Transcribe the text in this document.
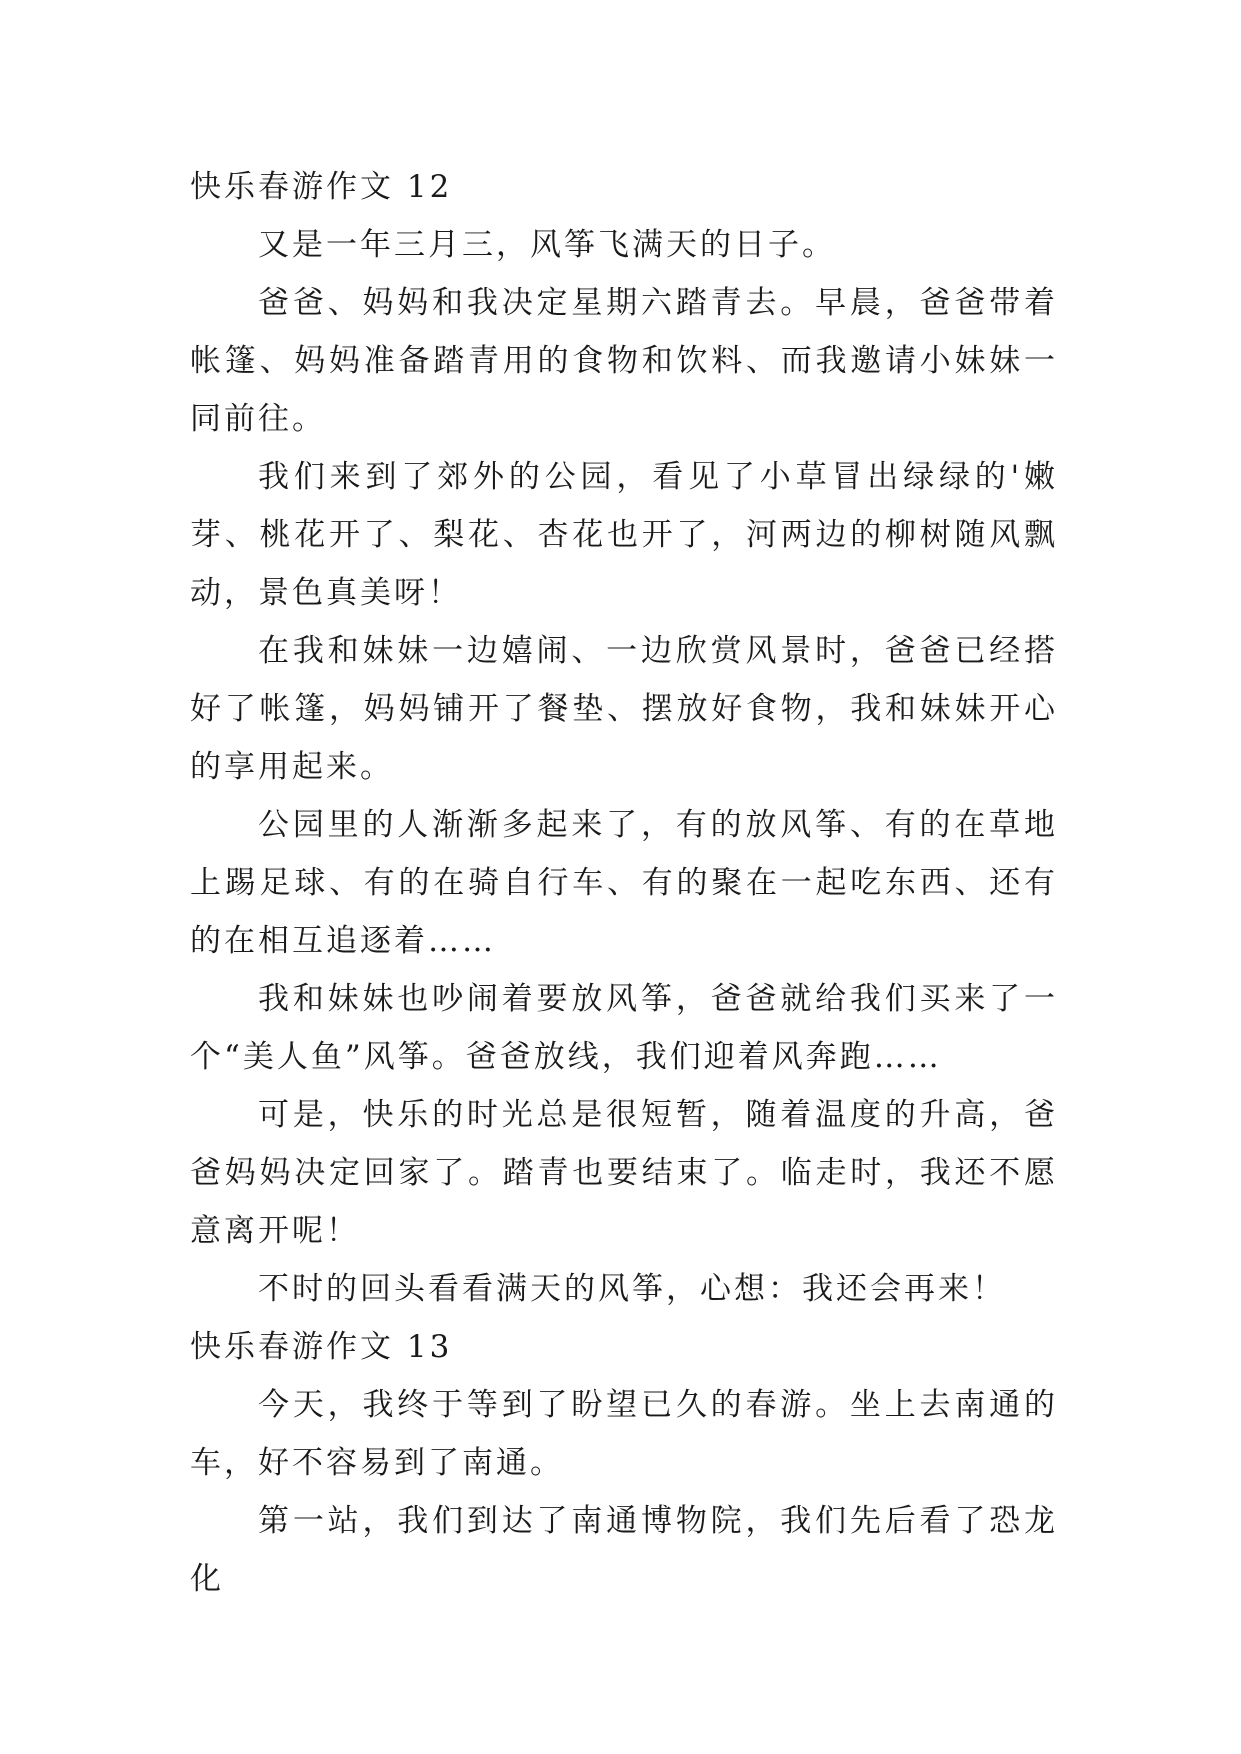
快乐春游作文 12

又是一年三月三，风筝飞满天的日子。

爸爸、妈妈和我决定星期六踏青去。早晨，爸爸带着帐篷、妈妈准备踏青用的食物和饮料、而我邀请小妹妹一同前往。

我们来到了郊外的公园，看见了小草冒出绿绿的'嫩芽、桃花开了、梨花、杏花也开了，河两边的柳树随风飘动，景色真美呀！

在我和妹妹一边嬉闹、一边欣赏风景时，爸爸已经搭好了帐篷，妈妈铺开了餐垫、摆放好食物，我和妹妹开心的享用起来。

公园里的人渐渐多起来了，有的放风筝、有的在草地上踢足球、有的在骑自行车、有的聚在一起吃东西、还有的在相互追逐着……

我和妹妹也吵闹着要放风筝，爸爸就给我们买来了一个“美人鱼”风筝。爸爸放线，我们迎着风奔跑……

可是，快乐的时光总是很短暂，随着温度的升高，爸爸妈妈决定回家了。踏青也要结束了。临走时，我还不愿意离开呢！

不时的回头看看满天的风筝，心想：我还会再来！

快乐春游作文 13

今天，我终于等到了盼望已久的春游。坐上去南通的车，好不容易到了南通。

第一站，我们到达了南通博物院，我们先后看了恐龙化
